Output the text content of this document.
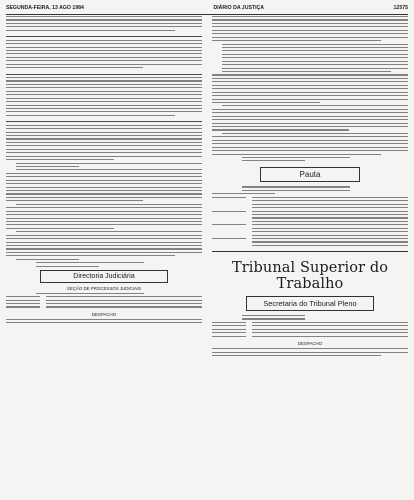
SEGUNDA-FEIRA, 13 AGO 1984	DIÁRIO DA JUSTIÇA	12575
Directoria Judiciária
SEÇÃO DE PROCESSOS JUDICIAIS
DESPACHO
Pauta
Tribunal Superior do Trabalho
Secretaria do Tribunal Pleno
DESPACHO
